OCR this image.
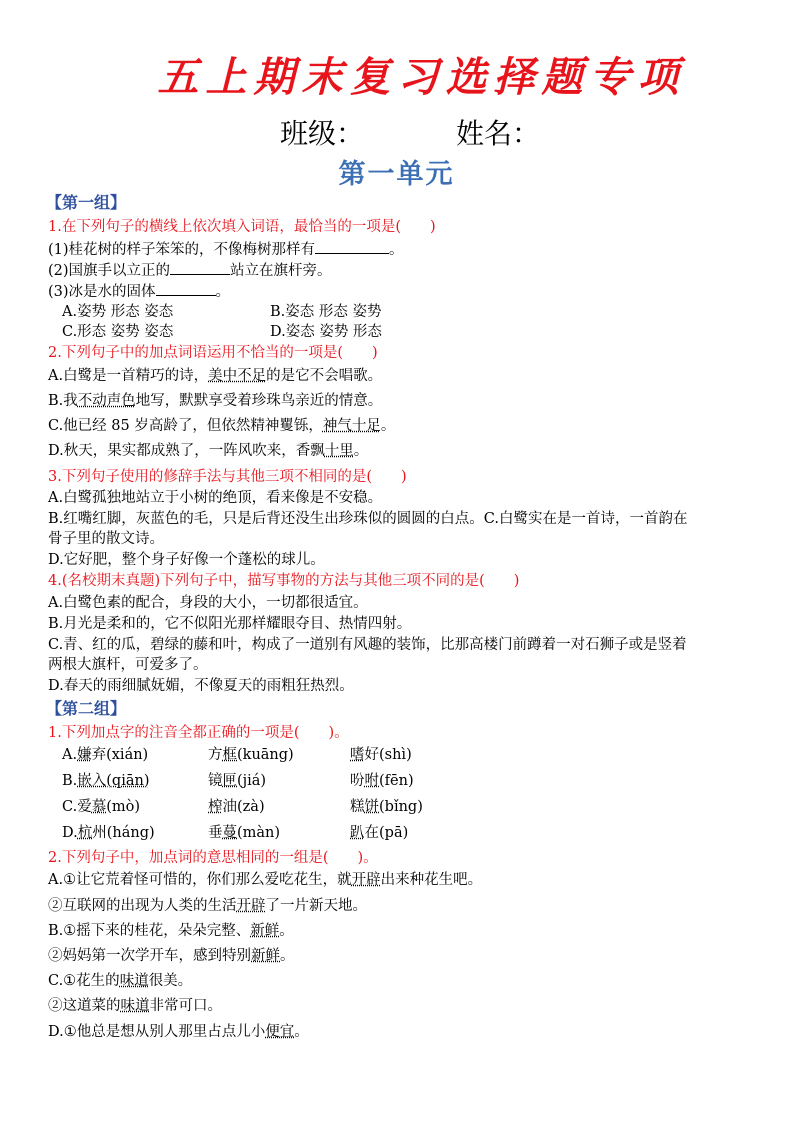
五上期末复习选择题专项
班级：	姓名：
第一单元
【第一组】
1.在下列句子的横线上依次填入词语，最恰当的一项是(　　)
(1)桂花树的样子笨笨的，不像梅树那样有	。
(2)国旗手以立正的	站立在旗杆旁。
(3)冰是水的固体	。
A.姿势 形态 姿态	B.姿态 形态 姿势
C.形态 姿势 姿态	D.姿态 姿势 形态
2.下列句子中的加点词语运用不恰当的一项是(　　)
A.白鹭是一首精巧的诗，美中不足的是它不会唱歌。
B.我不动声色地写，默默享受着珍珠鸟亲近的情意。
C.他已经 85 岁高龄了，但依然精神矍铄，神气十足。
D.秋天，果实都成熟了，一阵风吹来，香飘十里。
3.下列句子使用的修辞手法与其他三项不相同的是(　　)
A.白鹭孤独地站立于小树的绝顶，看来像是不安稳。
B.红嘴红脚，灰蓝色的毛，只是后背还没生出珍珠似的圆圆的白点。C.白鹭实在是一首诗，一首韵在
骨子里的散文诗。
D.它好肥，整个身子好像一个蓬松的球儿。
4.(名校期末真题)下列句子中，描写事物的方法与其他三项不同的是(　　)
A.白鹭色素的配合，身段的大小，一切都很适宜。
B.月光是柔和的，它不似阳光那样耀眼夺目、热情四射。
C.青、红的瓜，碧绿的藤和叶，构成了一道别有风趣的装饰，比那高楼门前蹲着一对石狮子或是竖着
两根大旗杆，可爱多了。
D.春天的雨细腻妩媚，不像夏天的雨粗狂热烈。
【第二组】
1.下列加点字的注音全都正确的一项是(　　)。
A.嫌弃(xián)	方框(kuāng)	嗜好(shì)
B.嵌入(qiān)	镜匣(jiá)	吩咐(fēn)
C.爱慕(mò)	榨油(zà)	糕饼(bǐng)
D.杭州(háng)	垂蔓(màn)	趴在(pā)
2.下列句子中，加点词的意思相同的一组是(　　)。
A.①让它荒着怪可惜的，你们那么爱吃花生，就开辟出来种花生吧。
②互联网的出现为人类的生活开辟了一片新天地。
B.①摇下来的桂花，朵朵完整、新鲜。
②妈妈第一次学开车，感到特别新鲜。
C.①花生的味道很美。
②这道菜的味道非常可口。
D.①他总是想从别人那里占点儿小便宜。
